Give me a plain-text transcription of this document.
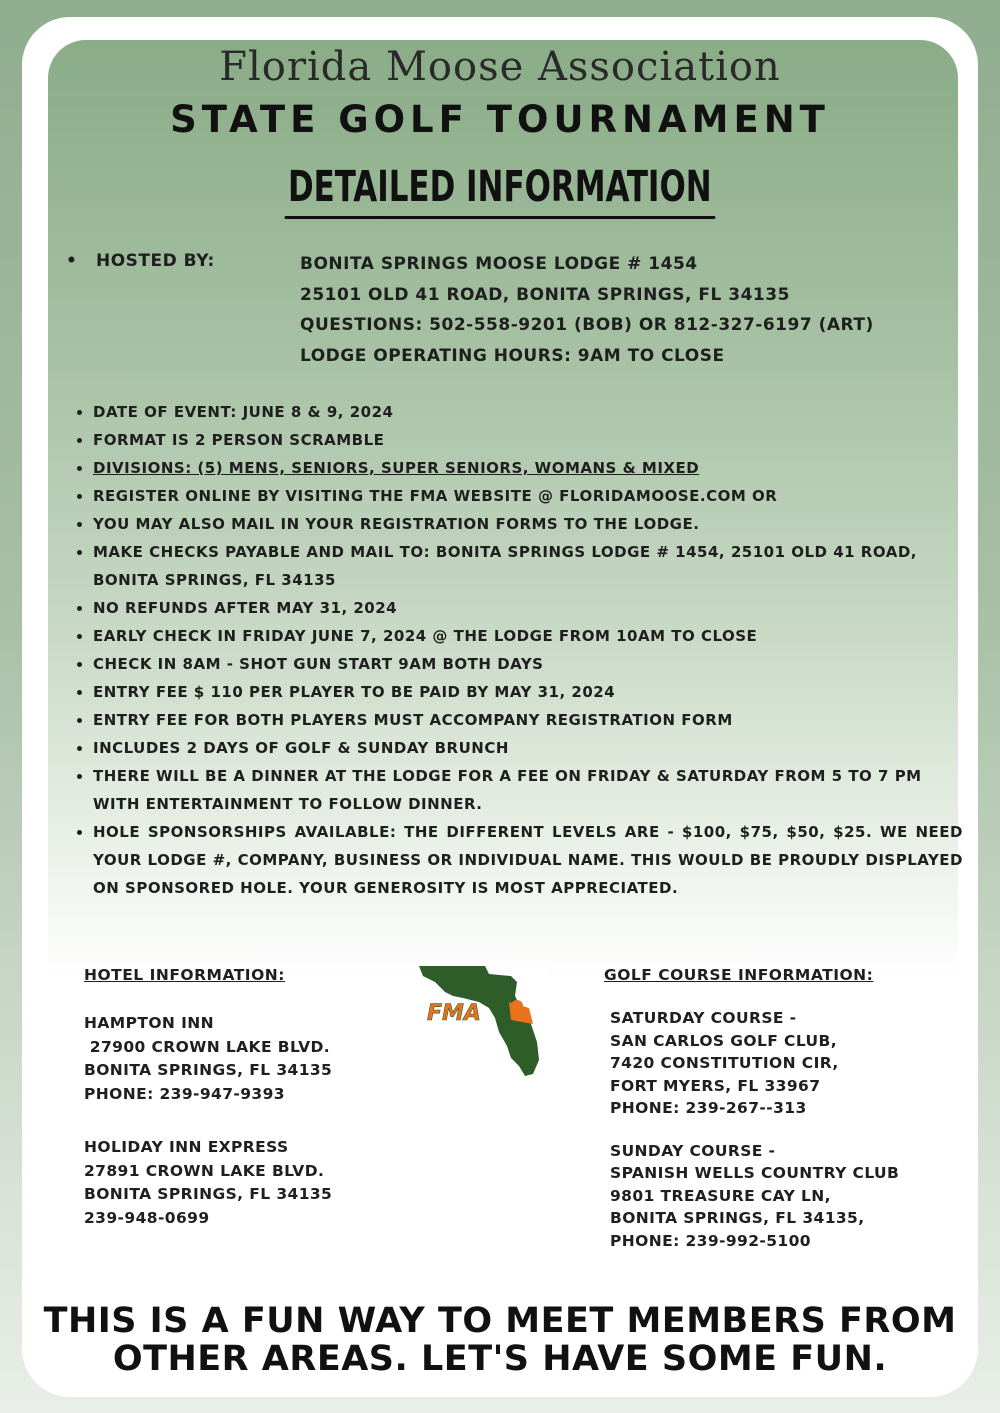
Florida Moose Association
STATE GOLF TOURNAMENT
DETAILED INFORMATION
• HOSTED BY:	BONITA SPRINGS MOOSE LODGE # 1454
25101 OLD 41 ROAD, BONITA SPRINGS, FL 34135
QUESTIONS: 502-558-9201 (BOB) OR 812-327-6197 (ART)
LODGE OPERATING HOURS: 9AM TO CLOSE
• DATE OF EVENT: JUNE 8 & 9, 2024
• FORMAT IS 2 PERSON SCRAMBLE
• DIVISIONS: (5) MENS, SENIORS, SUPER SENIORS, WOMANS & MIXED
• REGISTER ONLINE BY VISITING THE FMA WEBSITE @ FLORIDAMOOSE.COM OR
• YOU MAY ALSO MAIL IN YOUR REGISTRATION FORMS TO THE LODGE.
• MAKE CHECKS PAYABLE AND MAIL TO: BONITA SPRINGS LODGE # 1454, 25101 OLD 41 ROAD, BONITA SPRINGS, FL 34135
• NO REFUNDS AFTER MAY 31, 2024
• EARLY CHECK IN FRIDAY JUNE 7, 2024 @ THE LODGE FROM 10AM TO CLOSE
• CHECK IN 8AM - SHOT GUN START 9AM BOTH DAYS
• ENTRY FEE $ 110 PER PLAYER TO BE PAID BY MAY 31, 2024
• ENTRY FEE FOR BOTH PLAYERS MUST ACCOMPANY REGISTRATION FORM
• INCLUDES 2 DAYS OF GOLF & SUNDAY BRUNCH
• THERE WILL BE A DINNER AT THE LODGE FOR A FEE ON FRIDAY & SATURDAY FROM 5 TO 7 PM WITH ENTERTAINMENT TO FOLLOW DINNER.
• HOLE SPONSORSHIPS AVAILABLE: THE DIFFERENT LEVELS ARE - $100, $75, $50, $25. WE NEED YOUR LODGE #, COMPANY, BUSINESS OR INDIVIDUAL NAME. THIS WOULD BE PROUDLY DISPLAYED ON SPONSORED HOLE. YOUR GENEROSITY IS MOST APPRECIATED.
HOTEL INFORMATION:
HAMPTON INN
27900 CROWN LAKE BLVD.
BONITA SPRINGS, FL 34135
PHONE: 239-947-9393
HOLIDAY INN EXPRESS
27891 CROWN LAKE BLVD.
BONITA SPRINGS, FL 34135
239-948-0699
FMA
GOLF COURSE INFORMATION:
SATURDAY COURSE -
SAN CARLOS GOLF CLUB,
7420 CONSTITUTION CIR,
FORT MYERS, FL 33967
PHONE: 239-267--313
SUNDAY COURSE -
SPANISH WELLS COUNTRY CLUB
9801 TREASURE CAY LN,
BONITA SPRINGS, FL 34135,
PHONE: 239-992-5100
THIS IS A FUN WAY TO MEET MEMBERS FROM
OTHER AREAS. LET'S HAVE SOME FUN.
